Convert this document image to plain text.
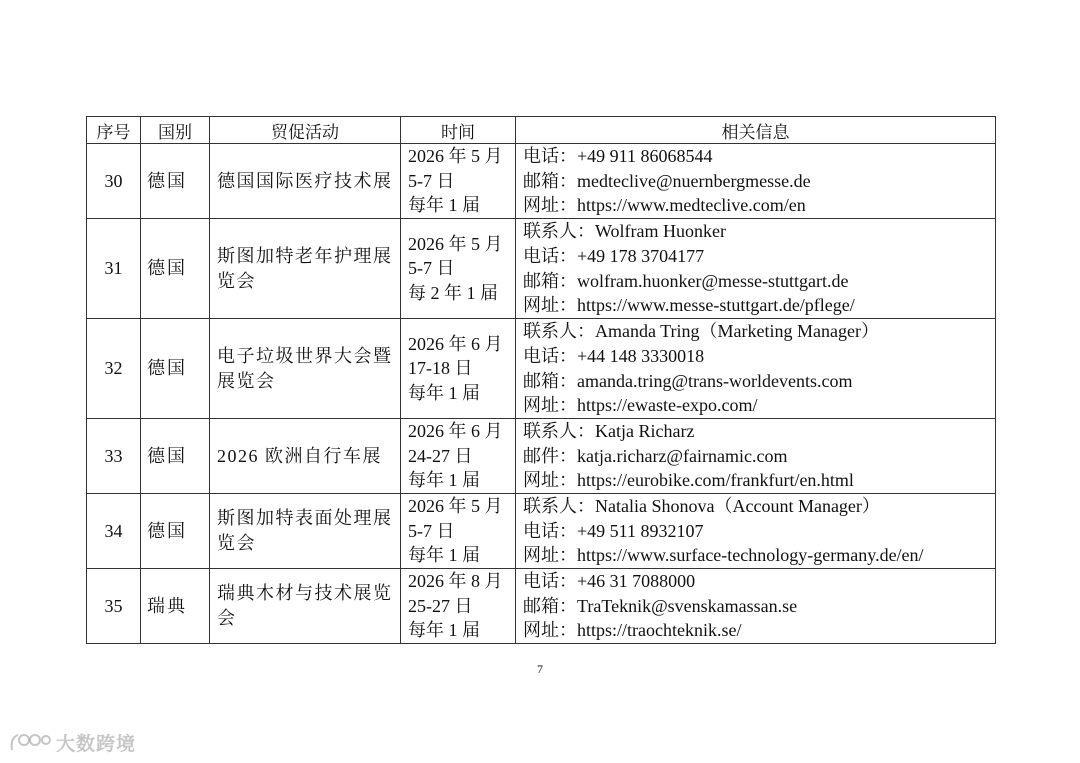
序号	国别	贸促活动	时间	相关信息
30	德国	德国国际医疗技术展	2026 年 5 月
5-7 日
每年 1 届	电话：+49 911 86068544
邮箱：medteclive@nuernbergmesse.de
网址：https://www.medteclive.com/en

31	德国	斯图加特老年护理展览会	2026 年 5 月
5-7 日
每 2 年 1 届	联系人：Wolfram Huonker
电话：+49 178 3704177
邮箱：wolfram.huonker@messe-stuttgart.de
网址：https://www.messe-stuttgart.de/pflege/

32	德国	电子垃圾世界大会暨展览会	2026 年 6 月
17-18 日
每年 1 届	联系人：Amanda Tring（Marketing Manager）
电话：+44 148 3330018
邮箱：amanda.tring@trans-worldevents.com
网址：https://ewaste-expo.com/

33	德国	2026 欧洲自行车展	2026 年 6 月
24-27 日
每年 1 届	联系人：Katja Richarz
邮件：katja.richarz@fairnamic.com
网址：https://eurobike.com/frankfurt/en.html

34	德国	斯图加特表面处理展览会	2026 年 5 月
5-7 日
每年 1 届	联系人：Natalia Shonova（Account Manager）
电话：+49 511 8932107
网址：https://www.surface-technology-germany.de/en/

35	瑞典	瑞典木材与技术展览会	2026 年 8 月
25-27 日
每年 1 届	电话：+46 31 7088000
邮箱：TraTeknik@svenskamassan.se
网址：https://traochteknik.se/
7
大数跨境
